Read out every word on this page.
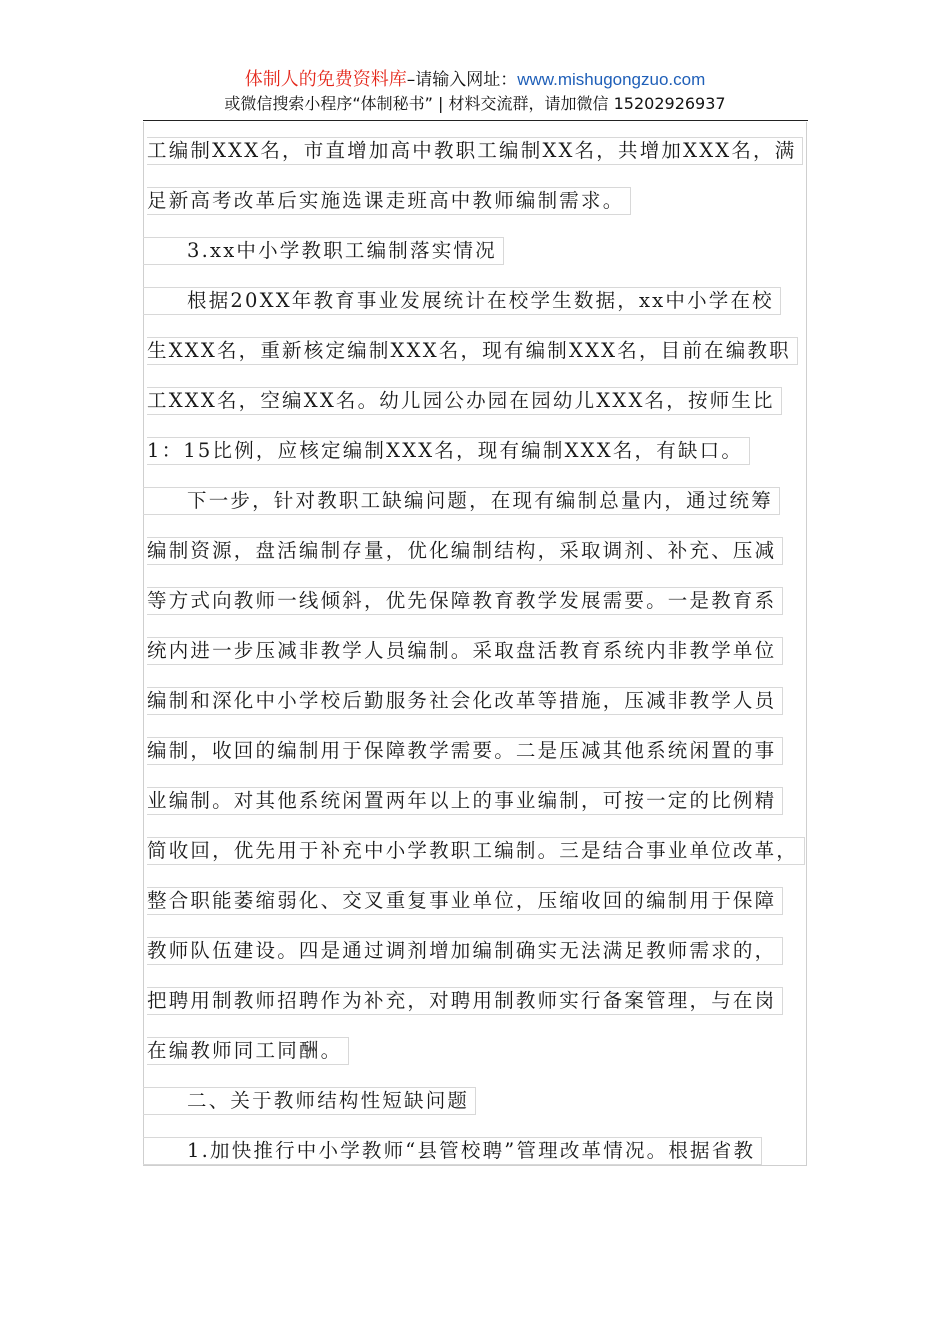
体制人的免费资料库–请输入网址：www.mishugongzuo.com
或微信搜索小程序“体制秘书” | 材料交流群，请加微信 15202926937
工编制XXX名，市直增加高中教职工编制XX名，共增加XXX名，满
足新高考改革后实施选课走班高中教师编制需求。
3.xx中小学教职工编制落实情况
根据20XX年教育事业发展统计在校学生数据，xx中小学在校
生XXX名，重新核定编制XXX名，现有编制XXX名，目前在编教职
工XXX名，空编XX名。幼儿园公办园在园幼儿XXX名，按师生比
1：15比例，应核定编制XXX名，现有编制XXX名，有缺口。
下一步，针对教职工缺编问题，在现有编制总量内，通过统筹
编制资源，盘活编制存量，优化编制结构，采取调剂、补充、压减
等方式向教师一线倾斜，优先保障教育教学发展需要。一是教育系
统内进一步压减非教学人员编制。采取盘活教育系统内非教学单位
编制和深化中小学校后勤服务社会化改革等措施，压减非教学人员
编制，收回的编制用于保障教学需要。二是压减其他系统闲置的事
业编制。对其他系统闲置两年以上的事业编制，可按一定的比例精
简收回，优先用于补充中小学教职工编制。三是结合事业单位改革，
整合职能萎缩弱化、交叉重复事业单位，压缩收回的编制用于保障
教师队伍建设。四是通过调剂增加编制确实无法满足教师需求的，
把聘用制教师招聘作为补充，对聘用制教师实行备案管理，与在岗
在编教师同工同酬。
二、关于教师结构性短缺问题
1.加快推行中小学教师“县管校聘”管理改革情况。根据省教
